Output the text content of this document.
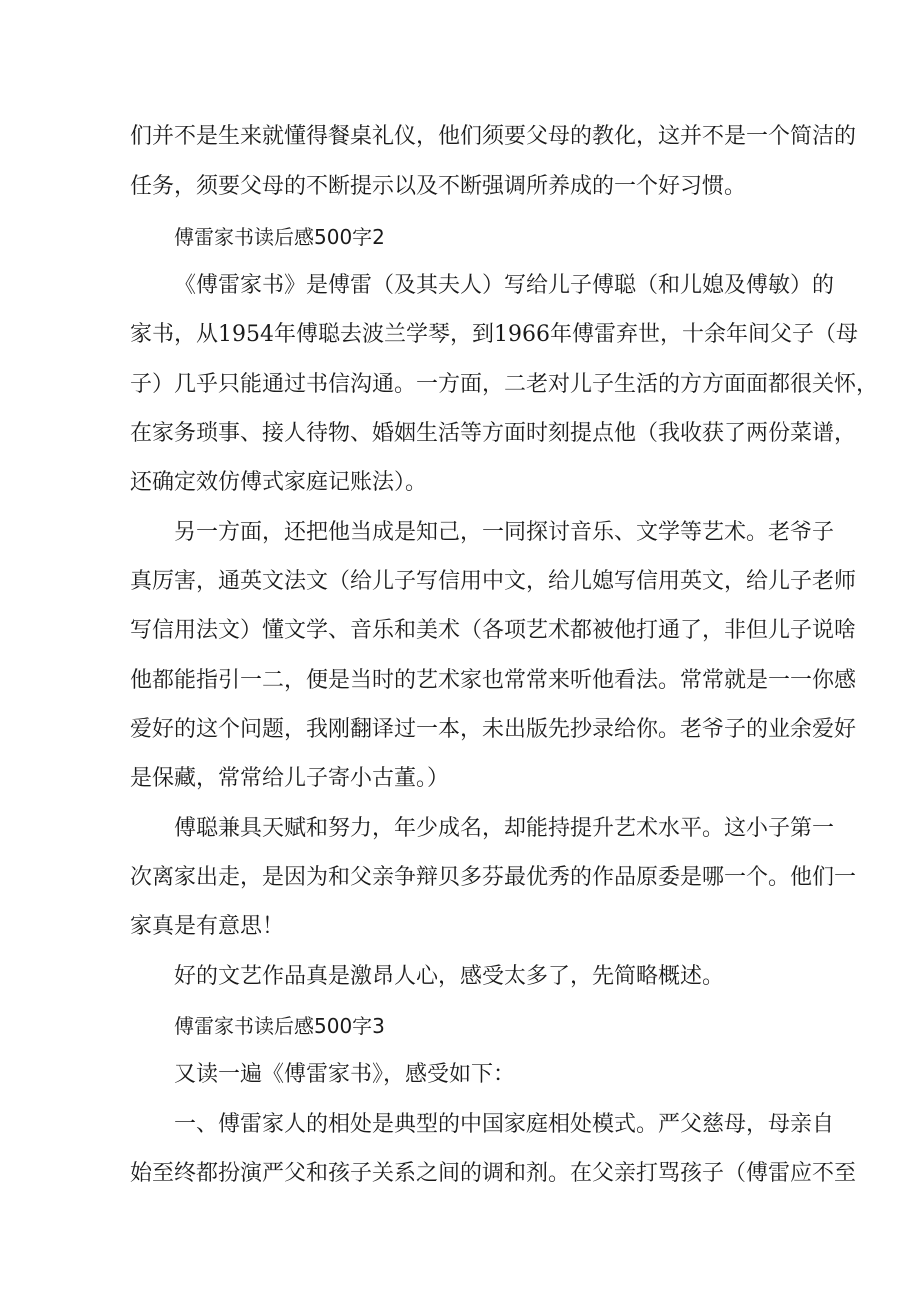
们并不是生来就懂得餐桌礼仪，他们须要父母的教化，这并不是一个简洁的
任务，须要父母的不断提示以及不断强调所养成的一个好习惯。
傅雷家书读后感500字2
《傅雷家书》是傅雷（及其夫人）写给儿子傅聪（和儿媳及傅敏）的
家书，从1954年傅聪去波兰学琴，到1966年傅雷弃世，十余年间父子（母
子）几乎只能通过书信沟通。一方面，二老对儿子生活的方方面面都很关怀，
在家务琐事、接人待物、婚姻生活等方面时刻提点他（我收获了两份菜谱，
还确定效仿傅式家庭记账法）。
另一方面，还把他当成是知己，一同探讨音乐、文学等艺术。老爷子
真厉害，通英文法文（给儿子写信用中文，给儿媳写信用英文，给儿子老师
写信用法文）懂文学、音乐和美术（各项艺术都被他打通了，非但儿子说啥
他都能指引一二，便是当时的艺术家也常常来听他看法。常常就是一一你感
爱好的这个问题，我刚翻译过一本，未出版先抄录给你。老爷子的业余爱好
是保藏，常常给儿子寄小古董。）
傅聪兼具天赋和努力，年少成名，却能持提升艺术水平。这小子第一
次离家出走，是因为和父亲争辩贝多芬最优秀的作品原委是哪一个。他们一
家真是有意思！
好的文艺作品真是激昂人心，感受太多了，先简略概述。
傅雷家书读后感500字3
又读一遍《傅雷家书》，感受如下：
一、傅雷家人的相处是典型的中国家庭相处模式。严父慈母，母亲自
始至终都扮演严父和孩子关系之间的调和剂。在父亲打骂孩子（傅雷应不至
